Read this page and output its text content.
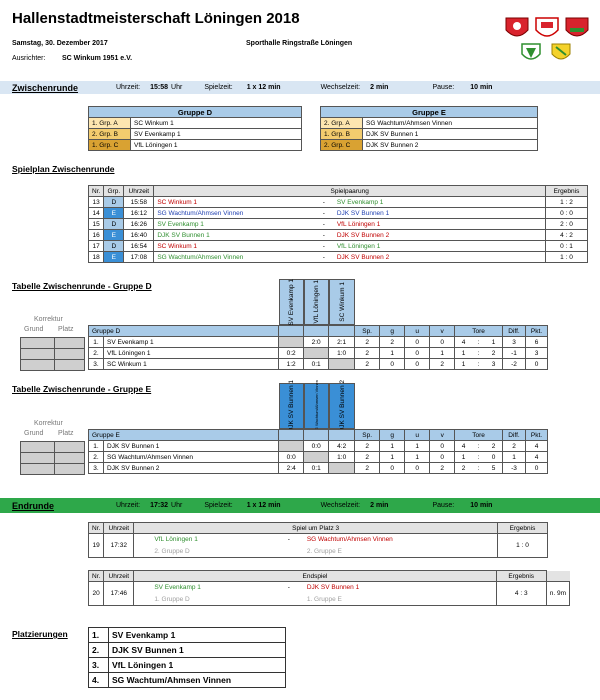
Hallenstadtmeisterschaft Löningen 2018
Samstag, 30. Dezember 2017	Sporthalle Ringstraße Löningen
Ausrichter: SC Winkum 1951 e.V.
Zwischenrunde	Uhrzeit: 15:58 Uhr	Spielzeit: 1 x 12 min	Wechselzeit: 2 min	Pause: 10 min
Gruppe D	
1. Grp. A	SC Winkum 1
2. Grp. B	SV Evenkamp 1
1. Grp. C	VfL Löningen 1
Gruppe E	
2. Grp. A	SG Wachtum/Ahmsen Vinnen
1. Grp. B	DJK SV Bunnen 1
2. Grp. C	DJK SV Bunnen 2
Spielplan Zwischenrunde
Nr.	Grp.	Uhrzeit	Spielpaarung			Ergebnis
13	D	15:58	SC Winkum 1	-	SV Evenkamp 1	1 : 2
14	E	16:12	SG Wachtum/Ahmsen Vinnen	-	DJK SV Bunnen 1	0 : 0
15	D	16:26	SV Evenkamp 1	-	VfL Löningen 1	2 : 0
16	E	16:40	DJK SV Bunnen 1	-	DJK SV Bunnen 2	4 : 2
17	D	16:54	SC Winkum 1	-	VfL Löningen 1	0 : 1
18	E	17:08	SG Wachtum/Ahmsen Vinnen	-	DJK SV Bunnen 2	1 : 0
Tabelle Zwischenrunde - Gruppe D
Korrektur
Grund Platz

SV Evenkamp 1	VfL Löningen 1	SC Winkum 1
Gruppe D					Sp.	g	u	v	Tore			Diff.	Pkt.
1.	SV Evenkamp 1		2:0	2:1	2	2	0	0	4	:	1	3	6
2.	VfL Löningen 1	0:2		1:0	2	1	0	1	1	:	2	-1	3
3.	SC Winkum 1	1:2	0:1		2	0	0	2	1	:	3	-2	0
Tabelle Zwischenrunde - Gruppe E
Korrektur
Grund Platz

DJK SV Bunnen 1	SG Wachtum/Ahmsen Vinnen	DJK SV Bunnen 2
Gruppe E					Sp.	g	u	v	Tore			Diff.	Pkt.
1.	DJK SV Bunnen 1		0:0	4:2	2	1	1	0	4	:	2	2	4
2.	SG Wachtum/Ahmsen Vinnen	0:0		1:0	2	1	1	0	1	:	0	1	4
3.	DJK SV Bunnen 2	2:4	0:1		2	0	0	2	2	:	5	-3	0
Endrunde	Uhrzeit: 17:32 Uhr	Spielzeit: 1 x 12 min	Wechselzeit: 2 min	Pause: 10 min
Nr.	Uhrzeit	Spiel um Platz 3			Ergebnis
19	17:32	VfL Löningen 1	-	SG Wachtum/Ahmsen Vinnen	1 : 0
		2. Gruppe D		2. Gruppe E	
Nr.	Uhrzeit	Endspiel			Ergebnis	
20	17:46	SV Evenkamp 1	-	DJK SV Bunnen 1	4 : 3	n. 9m
		1. Gruppe D		1. Gruppe E		
Platzierungen	1.	SV Evenkamp 1
2.	DJK SV Bunnen 1
3.	VfL Löningen 1
4.	SG Wachtum/Ahmsen Vinnen
